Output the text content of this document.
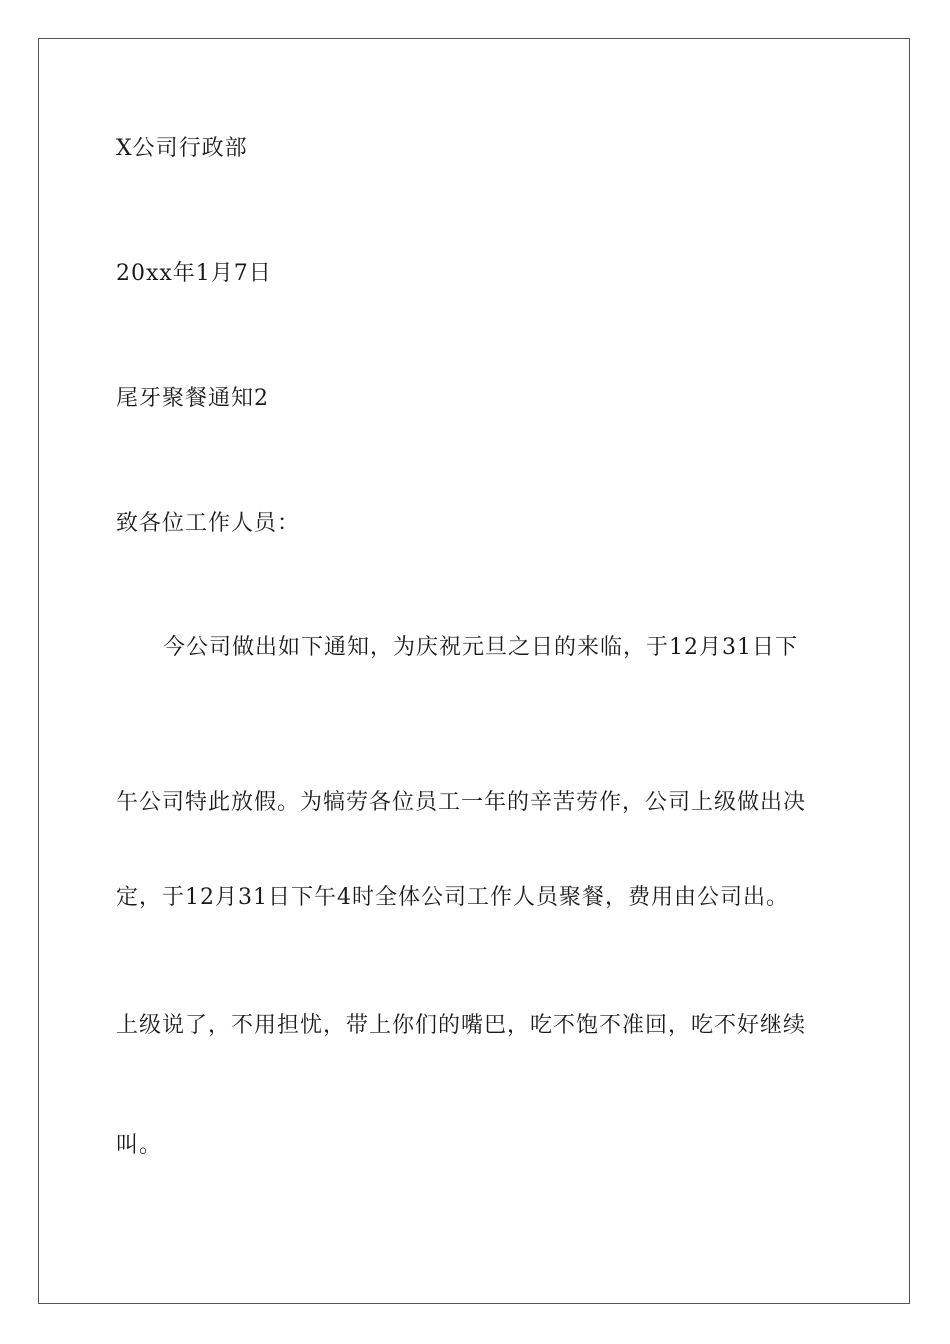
X公司行政部
20xx年1月7日
尾牙聚餐通知2
致各位工作人员：
今公司做出如下通知，为庆祝元旦之日的来临，于12月31日下
午公司特此放假。为犒劳各位员工一年的辛苦劳作，公司上级做出决
定，于12月31日下午4时全体公司工作人员聚餐，费用由公司出。
上级说了，不用担忧，带上你们的嘴巴，吃不饱不准回，吃不好继续
叫。
